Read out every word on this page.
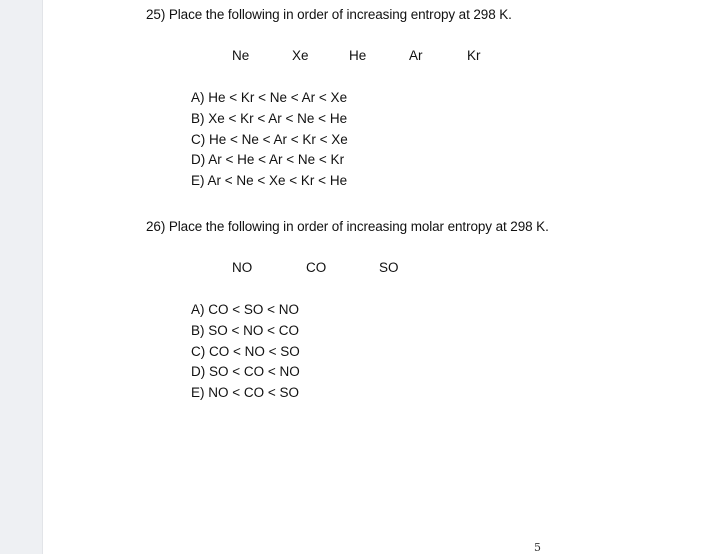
25) Place the following in order of increasing entropy at 298 K.
Ne	Xe	He	Ar	Kr
A) He < Kr < Ne < Ar < Xe
B) Xe < Kr < Ar < Ne < He
C) He < Ne < Ar < Kr < Xe
D) Ar < He < Ar < Ne < Kr
E) Ar < Ne < Xe < Kr < He
26) Place the following in order of increasing molar entropy at 298 K.
NO	CO	SO
A) CO < SO < NO
B) SO < NO < CO
C) CO < NO < SO
D) SO < CO < NO
E) NO < CO < SO
5
